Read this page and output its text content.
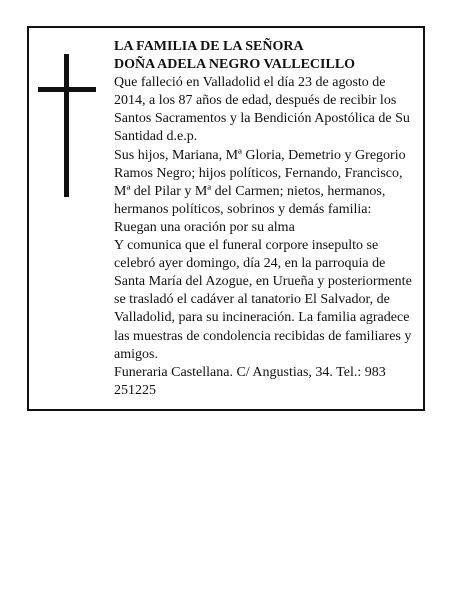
LA FAMILIA DE LA SEÑORA

DOÑA ADELA NEGRO VALLECILLO

Que falleció en Valladolid el día 23 de agosto de 2014, a los 87 años de edad, después de recibir los Santos Sacramentos y la Bendición Apostólica de Su Santidad d.e.p.

Sus hijos, Mariana, Mª Gloria, Demetrio y Gregorio Ramos Negro; hijos políticos, Fernando, Francisco, Mª del Pilar y Mª del Carmen; nietos, hermanos, hermanos políticos, sobrinos y demás familia:

Ruegan una oración por su alma

Y comunica que el funeral corpore insepulto se celebró ayer domingo, día 24, en la parroquia de Santa María del Azogue, en Urueña y posteriormente se trasladó el cadáver al tanatorio El Salvador, de Valladolid, para su incineración. La familia agradece las muestras de condolencia recibidas de familiares y amigos.

Funeraria Castellana. C/ Angustias, 34. Tel.: 983 251225
